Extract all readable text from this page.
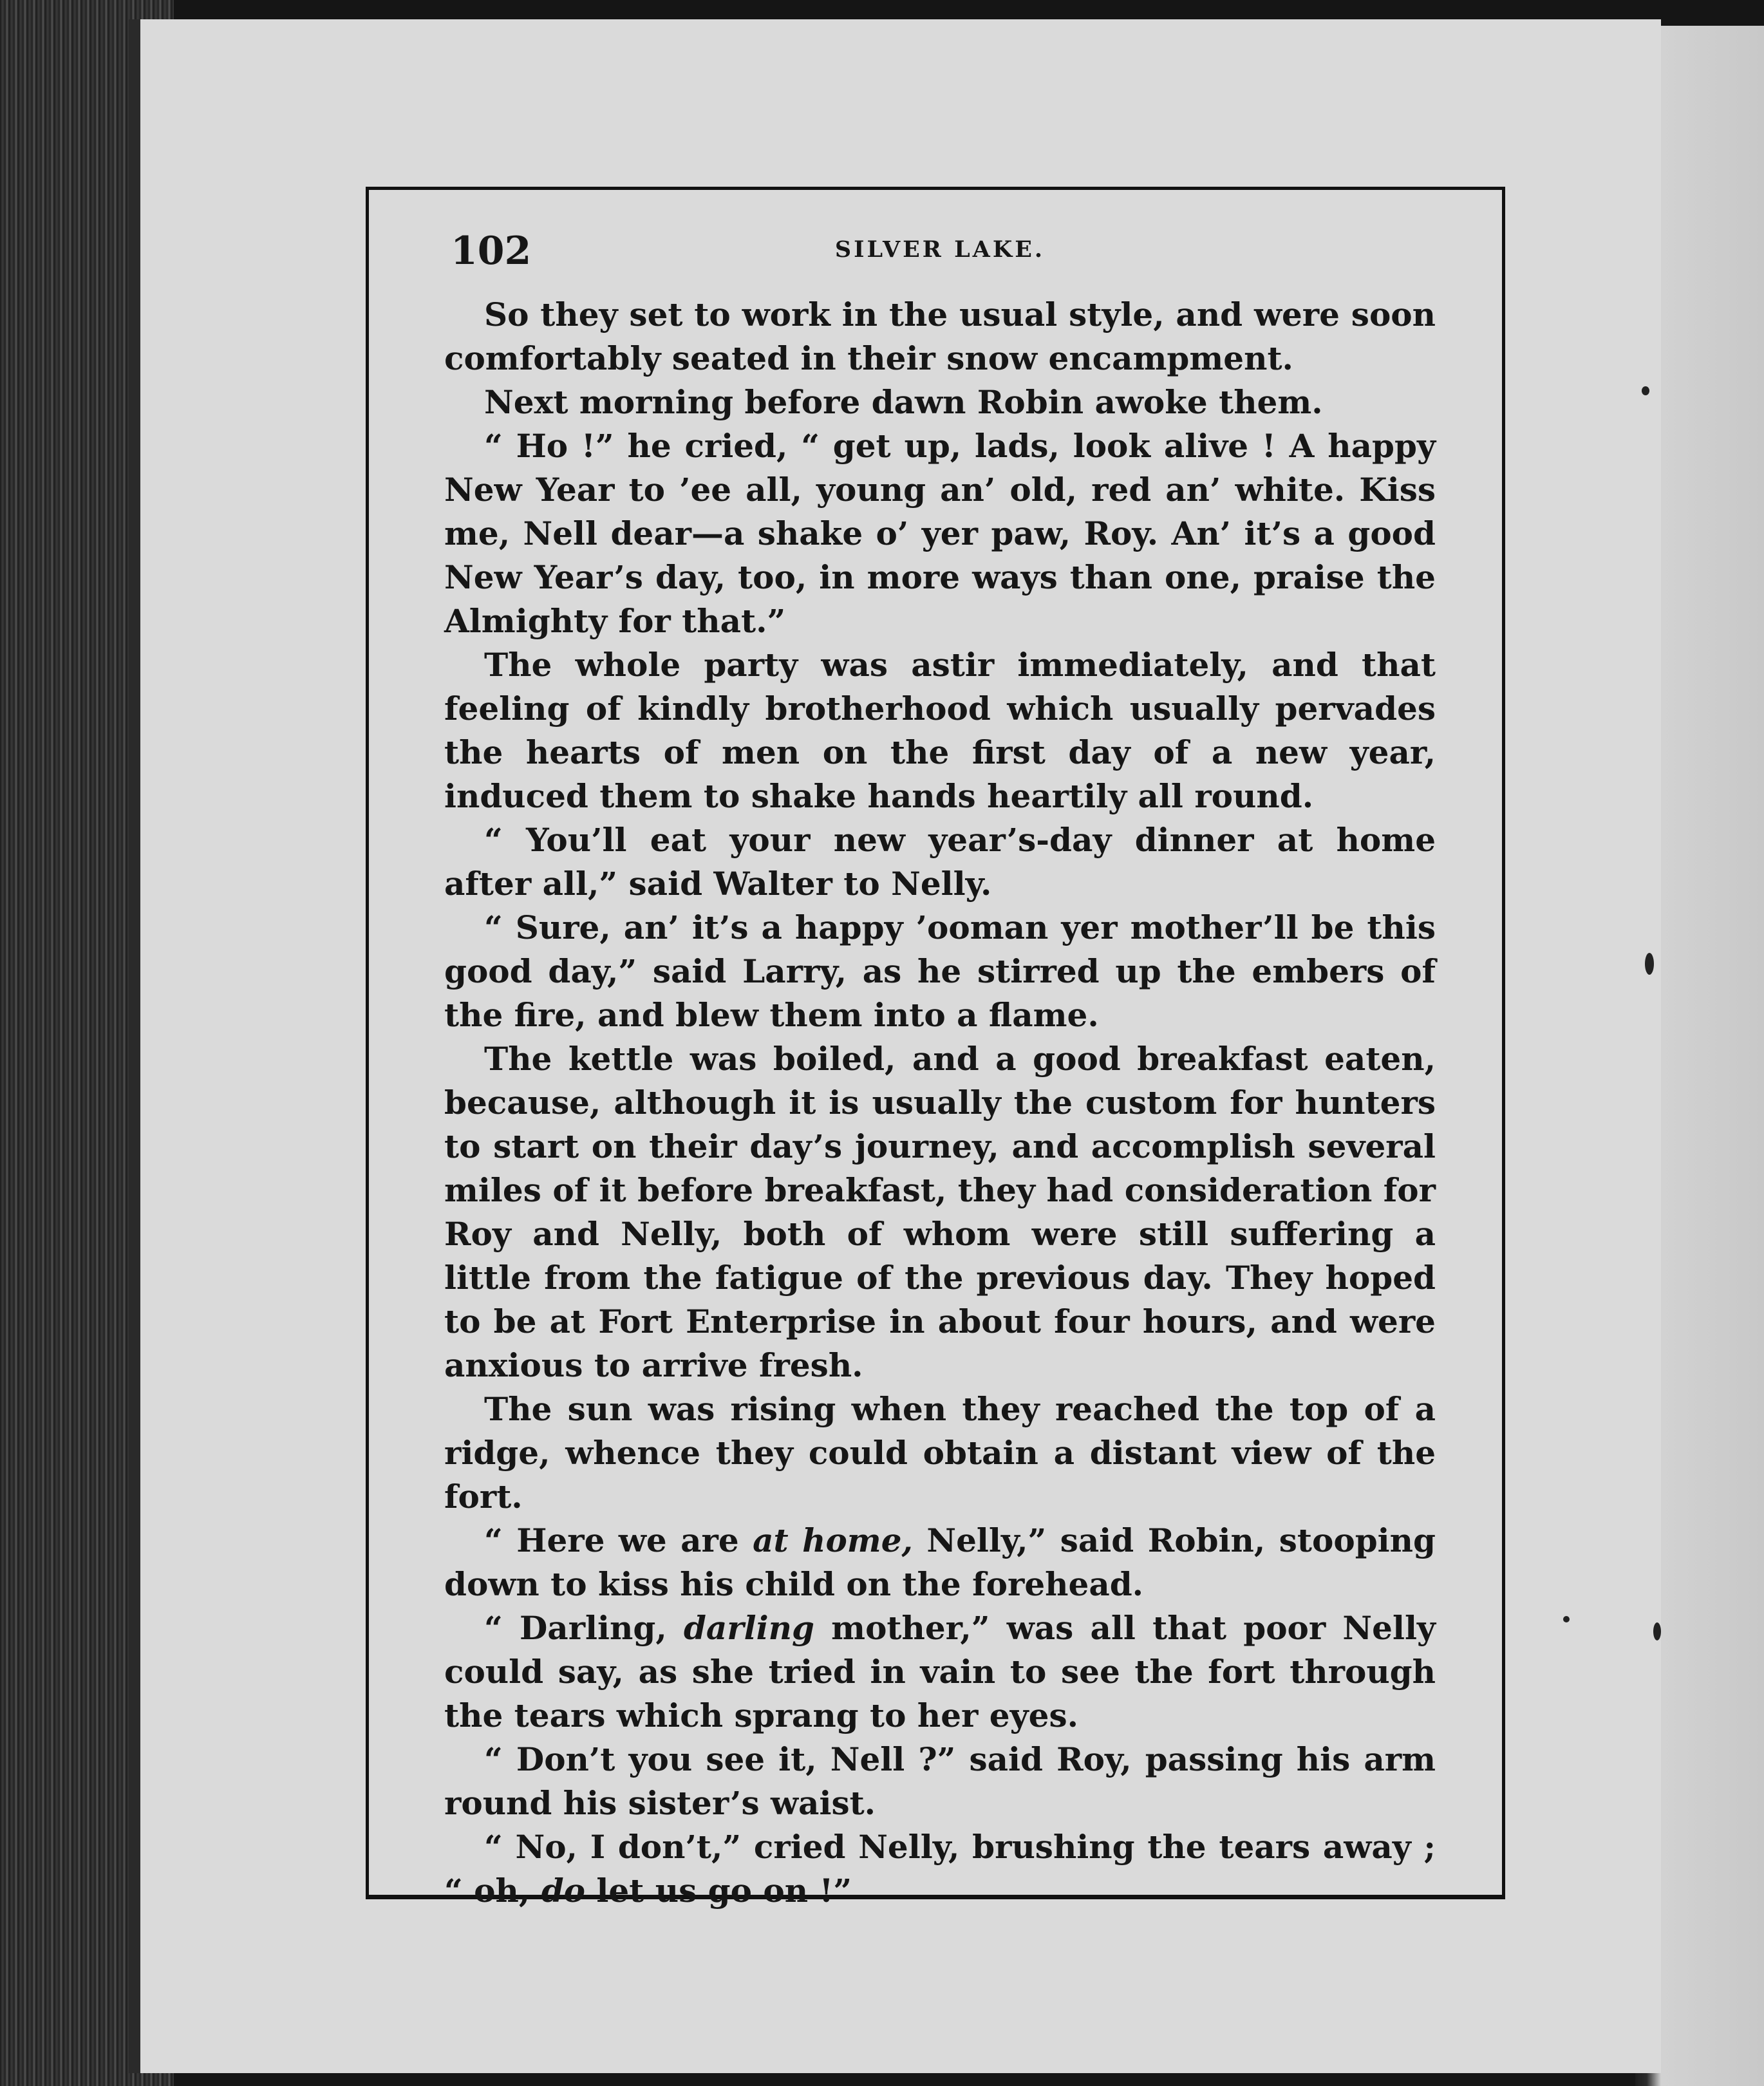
102	SILVER LAKE.

So they set to work in the usual style, and were soon comfortably seated in their snow encampment.

Next morning before dawn Robin awoke them.

“ Ho !” he cried, “ get up, lads, look alive ! A happy New Year to ’ee all, young an’ old, red an’ white. Kiss me, Nell dear—a shake o’ yer paw, Roy. An’ it’s a good New Year’s day, too, in more ways than one, praise the Almighty for that.”

The whole party was astir immediately, and that feeling of kindly brotherhood which usually pervades the hearts of men on the first day of a new year, induced them to shake hands heartily all round.

“ You’ll eat your new year’s-day dinner at home after all,” said Walter to Nelly.

“ Sure, an’ it’s a happy ’ooman yer mother’ll be this good day,” said Larry, as he stirred up the embers of the fire, and blew them into a flame.

The kettle was boiled, and a good breakfast eaten, because, although it is usually the custom for hunters to start on their day’s journey, and accomplish several miles of it before breakfast, they had consideration for Roy and Nelly, both of whom were still suffering a little from the fatigue of the previous day. They hoped to be at Fort Enterprise in about four hours, and were anxious to arrive fresh.

The sun was rising when they reached the top of a ridge, whence they could obtain a distant view of the fort.

“ Here we are at home, Nelly,” said Robin, stooping down to kiss his child on the forehead.

“ Darling, darling mother,” was all that poor Nelly could say, as she tried in vain to see the fort through the tears which sprang to her eyes.

“ Don’t you see it, Nell ?” said Roy, passing his arm round his sister’s waist.

“ No, I don’t,” cried Nelly, brushing the tears away ; “ oh, do let us go on !”
